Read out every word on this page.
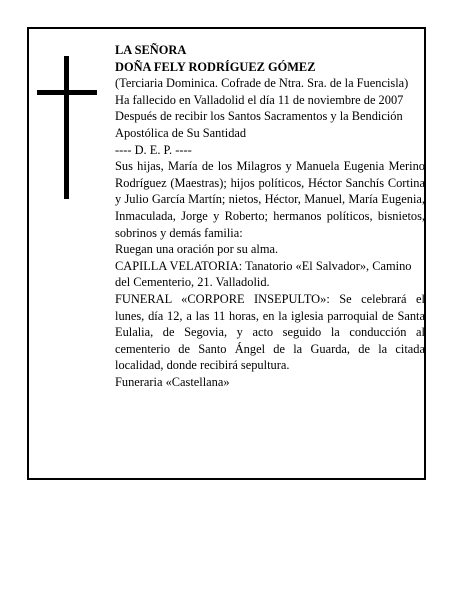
LA SEÑORA

DOÑA FELY RODRÍGUEZ GÓMEZ

(Terciaria Dominica. Cofrade de Ntra. Sra. de la Fuencisla)

Ha fallecido en Valladolid el día 11 de noviembre de 2007

Después de recibir los Santos Sacramentos y la Bendición Apostólica de Su Santidad

---- D. E. P. ----

Sus hijas, María de los Milagros y Manuela Eugenia Merino Rodríguez (Maestras); hijos políticos, Héctor Sanchís Cortina y Julio García Martín; nietos, Héctor, Manuel, María Eugenia, Inmaculada, Jorge y Roberto; hermanos políticos, bisnietos, sobrinos y demás familia:

Ruegan una oración por su alma.

CAPILLA VELATORIA: Tanatorio «El Salvador», Camino del Cementerio, 21. Valladolid.

FUNERAL «CORPORE INSEPULTO»: Se celebrará el lunes, día 12, a las 11 horas, en la iglesia parroquial de Santa Eulalia, de Segovia, y acto seguido la conducción al cementerio de Santo Ángel de la Guarda, de la citada localidad, donde recibirá sepultura.

Funeraria «Castellana»
